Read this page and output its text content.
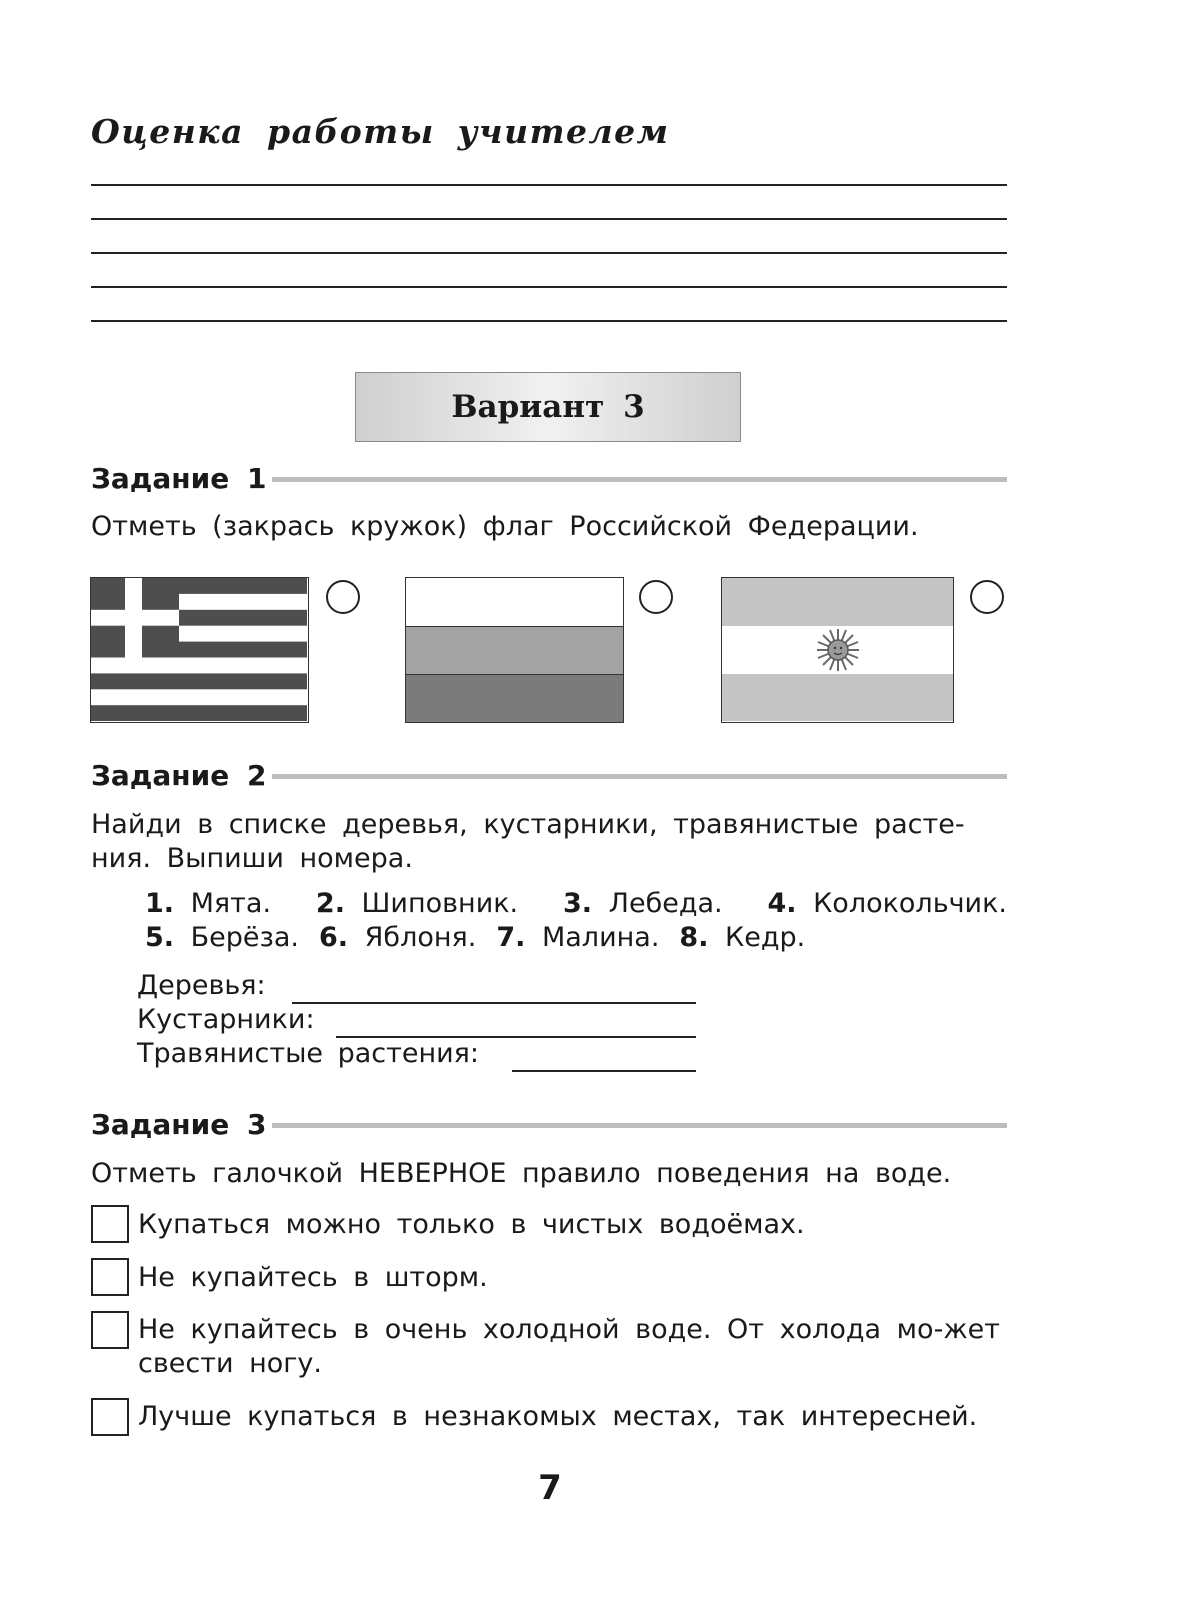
Оценка работы учителем
Вариант 3
Задание 1
Отметь (закрась кружок) флаг Российской Федерации.
Задание 2
Найди в списке деревья, кустарники, травянистые расте-
ния. Выпиши номера.
1. Мята. 2. Шиповник. 3. Лебеда. 4. Колокольчик.
5. Берёза. 6. Яблоня. 7. Малина. 8. Кедр.
Деревья:
Кустарники:
Травянистые растения:
Задание 3
Отметь галочкой НЕВЕРНОЕ правило поведения на воде.
Купаться можно только в чистых водоёмах.
Не купайтесь в шторм.
Не купайтесь в очень холодной воде. От холода мо-жет свести ногу.
Лучше купаться в незнакомых местах, так интересней.
7
